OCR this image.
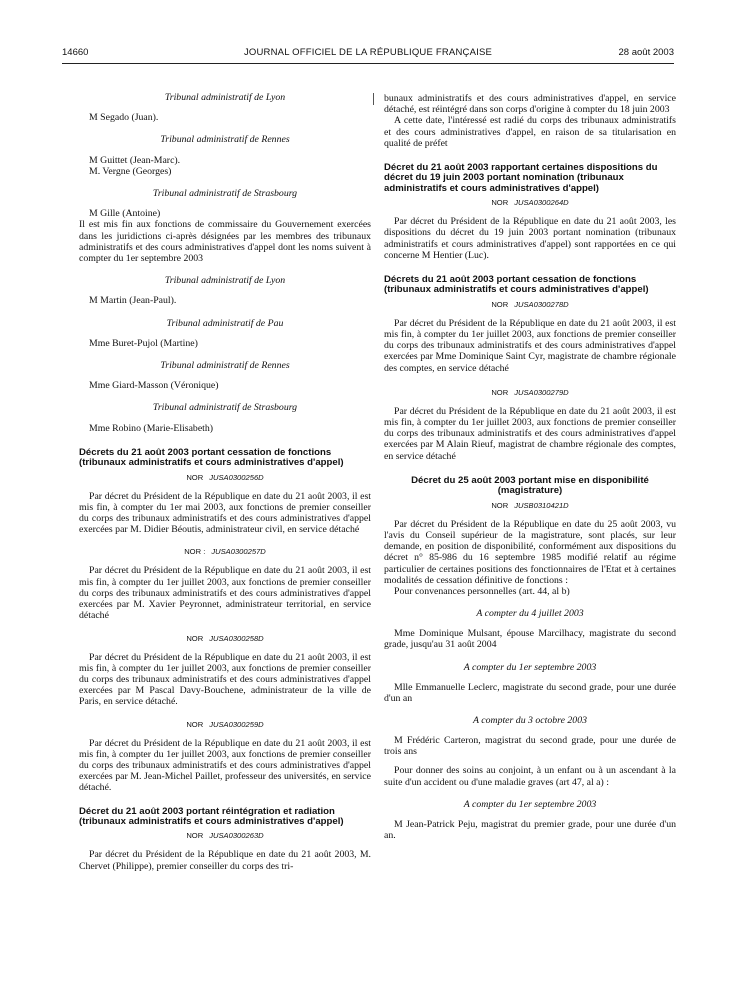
14660	JOURNAL OFFICIEL DE LA RÉPUBLIQUE FRANÇAISE	28 août 2003
Tribunal administratif de Lyon

M Segado (Juan).

Tribunal administratif de Rennes

M Guittet (Jean-Marc).

M. Vergne (Georges)

Tribunal administratif de Strasbourg

M Gille (Antoine)

Il est mis fin aux fonctions de commissaire du Gouvernement exercées dans les juridictions ci-après désignées par les membres des tribunaux administratifs et des cours administratives d'appel dont les noms suivent à compter du 1er septembre 2003

Tribunal administratif de Lyon

M Martin (Jean-Paul).

Tribunal administratif de Pau

Mme Buret-Pujol (Martine)

Tribunal administratif de Rennes

Mme Giard-Masson (Véronique)

Tribunal administratif de Strasbourg

Mme Robino (Marie-Elisabeth)

Décrets du 21 août 2003 portant cessation de fonctions (tribunaux administratifs et cours administratives d'appel)
NOR JUSA0300256D

Par décret du Président de la République en date du 21 août 2003, il est mis fin, à compter du 1er mai 2003, aux fonctions de premier conseiller du corps des tribunaux administratifs et des cours administratives d'appel exercées par M. Didier Béoutis, administrateur civil, en service détaché

NOR : JUSA0300257D

Par décret du Président de la République en date du 21 août 2003, il est mis fin, à compter du 1er juillet 2003, aux fonctions de premier conseiller du corps des tribunaux administratifs et des cours administratives d'appel exercées par M. Xavier Peyronnet, administrateur territorial, en service détaché

NOR JUSA0300258D

Par décret du Président de la République en date du 21 août 2003, il est mis fin, à compter du 1er juillet 2003, aux fonctions de premier conseiller du corps des tribunaux administratifs et des cours administratives d'appel exercées par M Pascal Davy-Bouchene, administrateur de la ville de Paris, en service détaché.

NOR JUSA0300259D

Par décret du Président de la République en date du 21 août 2003, il est mis fin, à compter du 1er juillet 2003, aux fonctions de premier conseiller du corps des tribunaux administratifs et des cours administratives d'appel exercées par M. Jean-Michel Paillet, professeur des universités, en service détaché.

Décret du 21 août 2003 portant réintégration et radiation (tribunaux administratifs et cours administratives d'appel)
NOR JUSA0300263D

Par décret du Président de la République en date du 21 août 2003, M. Chervet (Philippe), premier conseiller du corps des tri-

bunaux administratifs et des cours administratives d'appel, en service détaché, est réintégré dans son corps d'origine à compter du 18 juin 2003

A cette date, l'intéressé est radié du corps des tribunaux administratifs et des cours administratives d'appel, en raison de sa titularisation en qualité de préfet

Décret du 21 août 2003 rapportant certaines dispositions du décret du 19 juin 2003 portant nomination (tribunaux administratifs et cours administratives d'appel)
NOR JUSA0300264D

Par décret du Président de la République en date du 21 août 2003, les dispositions du décret du 19 juin 2003 portant nomination (tribunaux administratifs et cours administratives d'appel) sont rapportées en ce qui concerne M Hentier (Luc).

Décrets du 21 août 2003 portant cessation de fonctions (tribunaux administratifs et cours administratives d'appel)
NOR JUSA0300278D

Par décret du Président de la République en date du 21 août 2003, il est mis fin, à compter du 1er juillet 2003, aux fonctions de premier conseiller du corps des tribunaux administratifs et des cours administratives d'appel exercées par Mme Dominique Saint Cyr, magistrate de chambre régionale des comptes, en service détaché

NOR JUSA0300279D

Par décret du Président de la République en date du 21 août 2003, il est mis fin, à compter du 1er juillet 2003, aux fonctions de premier conseiller du corps des tribunaux administratifs et des cours administratives d'appel exercées par M Alain Rieuf, magistrat de chambre régionale des comptes, en service détaché

Décret du 25 août 2003 portant mise en disponibilité (magistrature)
NOR JUSB0310421D

Par décret du Président de la République en date du 25 août 2003, vu l'avis du Conseil supérieur de la magistrature, sont placés, sur leur demande, en position de disponibilité, conformément aux dispositions du décret n° 85-986 du 16 septembre 1985 modifié relatif au régime particulier de certaines positions des fonctionnaires de l'Etat et à certaines modalités de cessation définitive de fonctions :

Pour convenances personnelles (art. 44, al b)

A compter du 4 juillet 2003

Mme Dominique Mulsant, épouse Marcilhacy, magistrate du second grade, jusqu'au 31 août 2004

A compter du 1er septembre 2003

Mlle Emmanuelle Leclerc, magistrate du second grade, pour une durée d'un an

A compter du 3 octobre 2003

M Frédéric Carteron, magistrat du second grade, pour une durée de trois ans

Pour donner des soins au conjoint, à un enfant ou à un ascendant à la suite d'un accident ou d'une maladie graves (art 47, al a) :

A compter du 1er septembre 2003

M Jean-Patrick Peju, magistrat du premier grade, pour une durée d'un an.
